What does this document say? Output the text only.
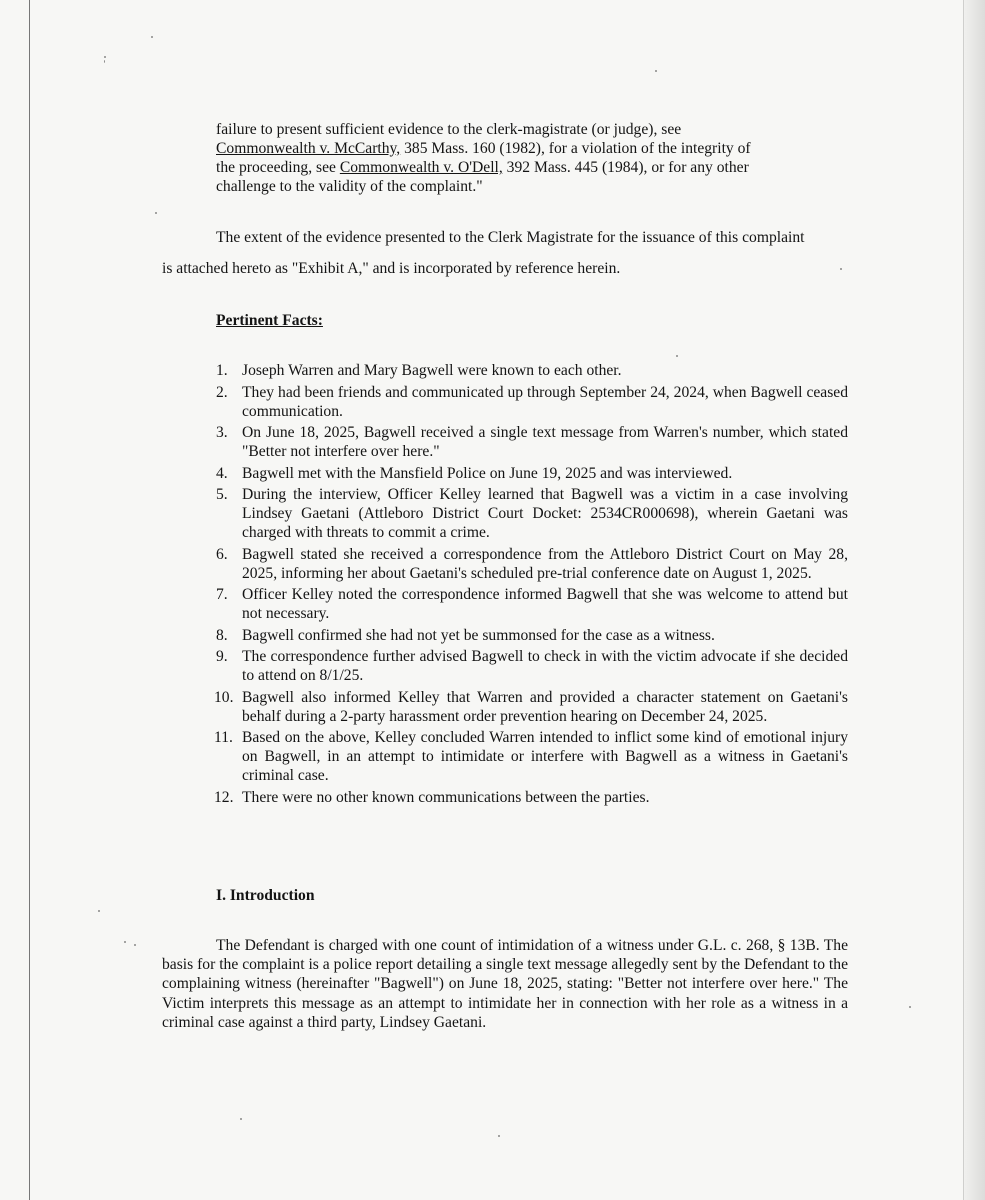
failure to present sufficient evidence to the clerk-magistrate (or judge), see

Commonwealth v. McCarthy, 385 Mass. 160 (1982), for a violation of the integrity of

the proceeding, see Commonwealth v. O'Dell, 392 Mass. 445 (1984), or for any other

challenge to the validity of the complaint."

The extent of the evidence presented to the Clerk Magistrate for the issuance of this complaint
is attached hereto as "Exhibit A," and is incorporated by reference herein.
Pertinent Facts:
1. Joseph Warren and Mary Bagwell were known to each other.
2. They had been friends and communicated up through September 24, 2024, when Bagwell ceased communication.
3. On June 18, 2025, Bagwell received a single text message from Warren's number, which stated "Better not interfere over here."
4. Bagwell met with the Mansfield Police on June 19, 2025 and was interviewed.
5. During the interview, Officer Kelley learned that Bagwell was a victim in a case involving Lindsey Gaetani (Attleboro District Court Docket: 2534CR000698), wherein Gaetani was charged with threats to commit a crime.
6. Bagwell stated she received a correspondence from the Attleboro District Court on May 28, 2025, informing her about Gaetani's scheduled pre-trial conference date on August 1, 2025.
7. Officer Kelley noted the correspondence informed Bagwell that she was welcome to attend but not necessary.
8. Bagwell confirmed she had not yet be summonsed for the case as a witness.
9. The correspondence further advised Bagwell to check in with the victim advocate if she decided to attend on 8/1/25.
10. Bagwell also informed Kelley that Warren and provided a character statement on Gaetani's behalf during a 2-party harassment order prevention hearing on December 24, 2025.
11. Based on the above, Kelley concluded Warren intended to inflict some kind of emotional injury on Bagwell, in an attempt to intimidate or interfere with Bagwell as a witness in Gaetani's criminal case.
12. There were no other known communications between the parties.
I. Introduction

The Defendant is charged with one count of intimidation of a witness under G.L. c. 268, § 13B. The basis for the complaint is a police report detailing a single text message allegedly sent by the Defendant to the complaining witness (hereinafter "Bagwell") on June 18, 2025, stating: "Better not interfere over here." The Victim interprets this message as an attempt to intimidate her in connection with her role as a witness in a criminal case against a third party, Lindsey Gaetani.
